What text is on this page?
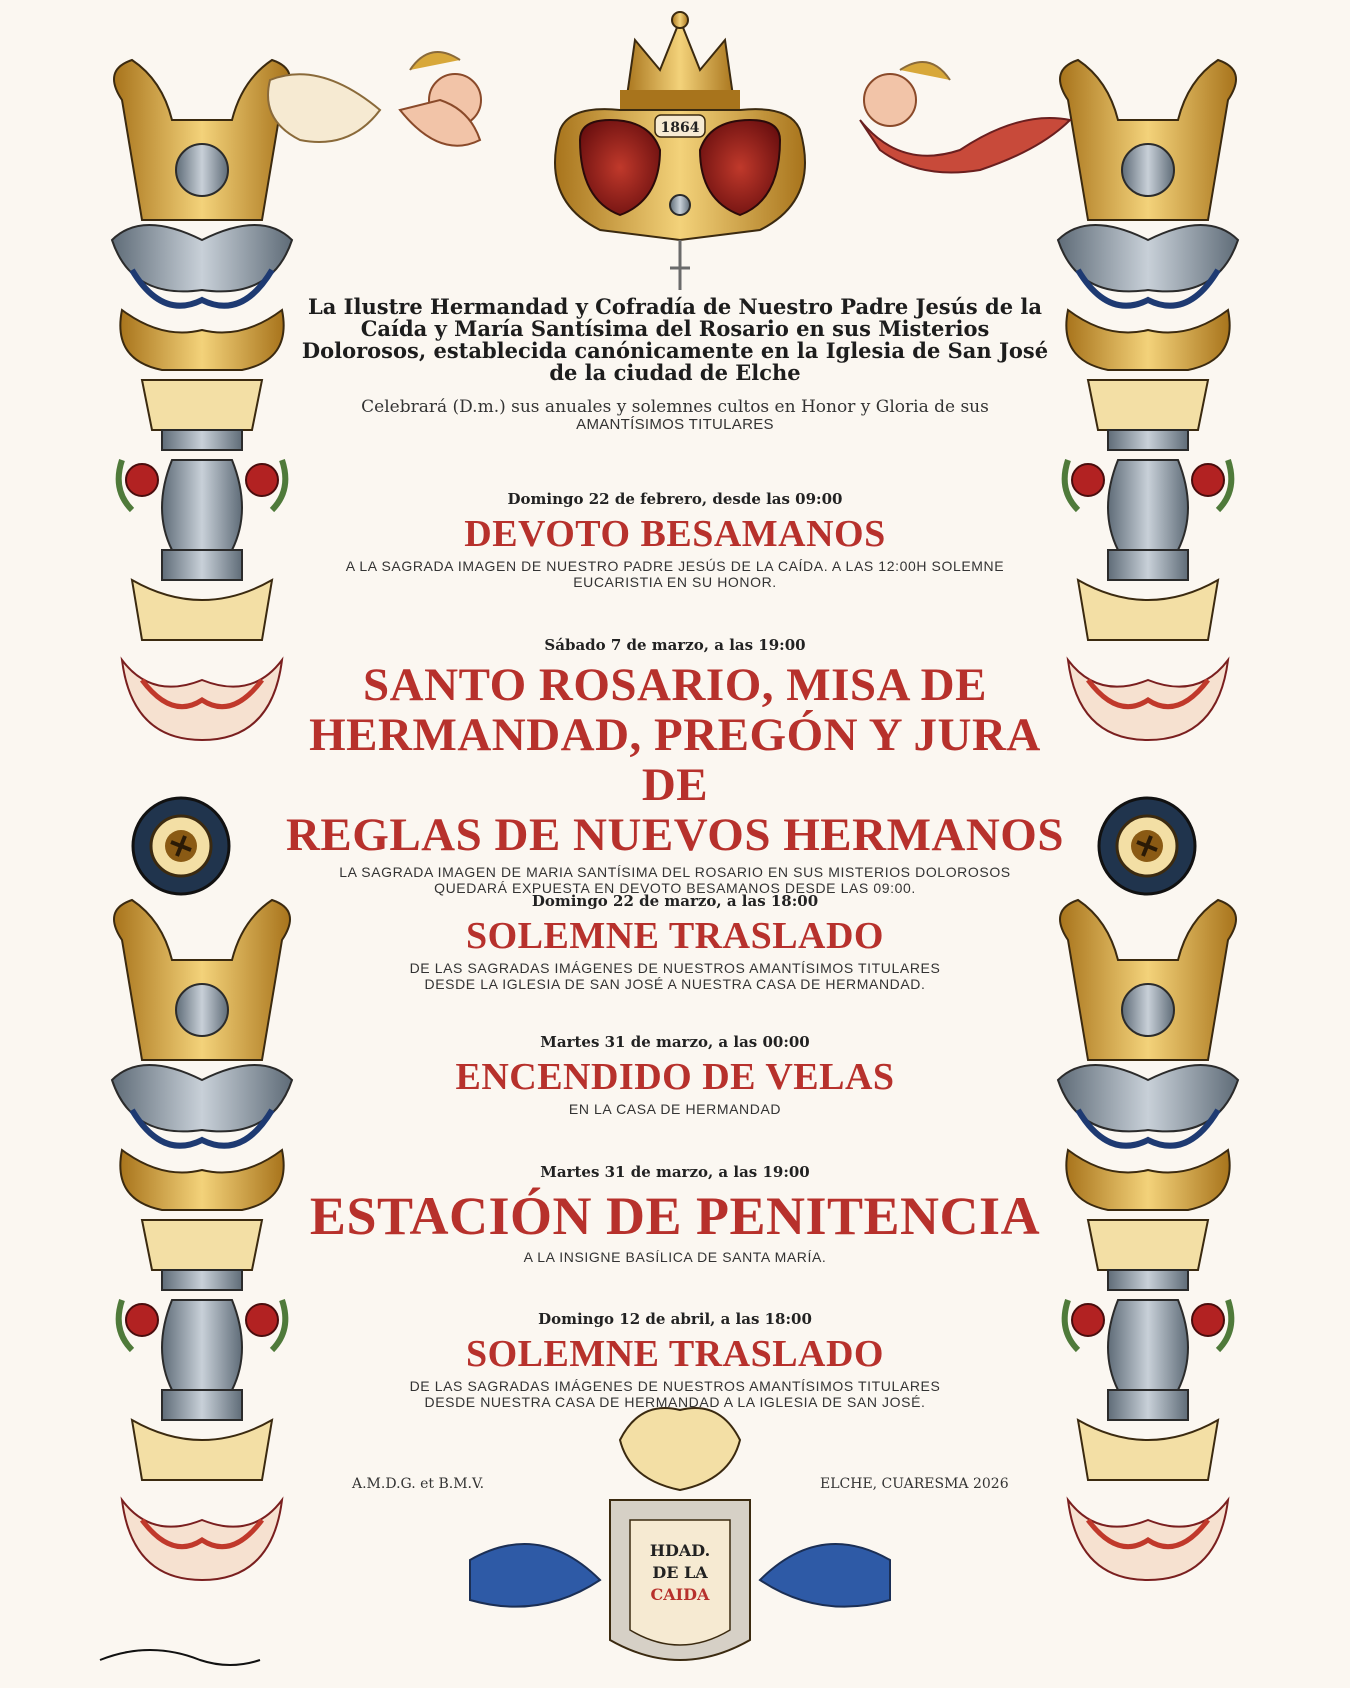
1864
HDAD.
DE LA
CAIDA
La Ilustre Hermandad y Cofradía de Nuestro Padre Jesús de la
Caída y María Santísima del Rosario en sus Misterios
Dolorosos, establecida canónicamente en la Iglesia de San José
de la ciudad de Elche
Celebrará (D.m.) sus anuales y solemnes cultos en Honor y Gloria de sus
AMANTÍSIMOS TITULARES
Domingo 22 de febrero, desde las 09:00
DEVOTO BESAMANOS
A LA SAGRADA IMAGEN DE NUESTRO PADRE JESÚS DE LA CAÍDA. A LAS 12:00H SOLEMNE
EUCARISTIA EN SU HONOR.
Sábado 7 de marzo, a las 19:00
SANTO ROSARIO, MISA DE
HERMANDAD, PREGÓN Y JURA DE
REGLAS DE NUEVOS HERMANOS
LA SAGRADA IMAGEN DE MARIA SANTÍSIMA DEL ROSARIO EN SUS MISTERIOS DOLOROSOS
QUEDARÁ EXPUESTA EN DEVOTO BESAMANOS DESDE LAS 09:00.
Domingo 22 de marzo, a las 18:00
SOLEMNE TRASLADO
DE LAS SAGRADAS IMÁGENES DE NUESTROS AMANTÍSIMOS TITULARES
DESDE LA IGLESIA DE SAN JOSÉ A NUESTRA CASA DE HERMANDAD.
Martes 31 de marzo, a las 00:00
ENCENDIDO DE VELAS
EN LA CASA DE HERMANDAD
Martes 31 de marzo, a las 19:00
ESTACIÓN DE PENITENCIA
A LA INSIGNE BASÍLICA DE SANTA MARÍA.
Domingo 12 de abril, a las 18:00
SOLEMNE TRASLADO
DE LAS SAGRADAS IMÁGENES DE NUESTROS AMANTÍSIMOS TITULARES
DESDE NUESTRA CASA DE HERMANDAD A LA IGLESIA DE SAN JOSÉ.
A.M.D.G. et B.M.V.	ELCHE, CUARESMA 2026
